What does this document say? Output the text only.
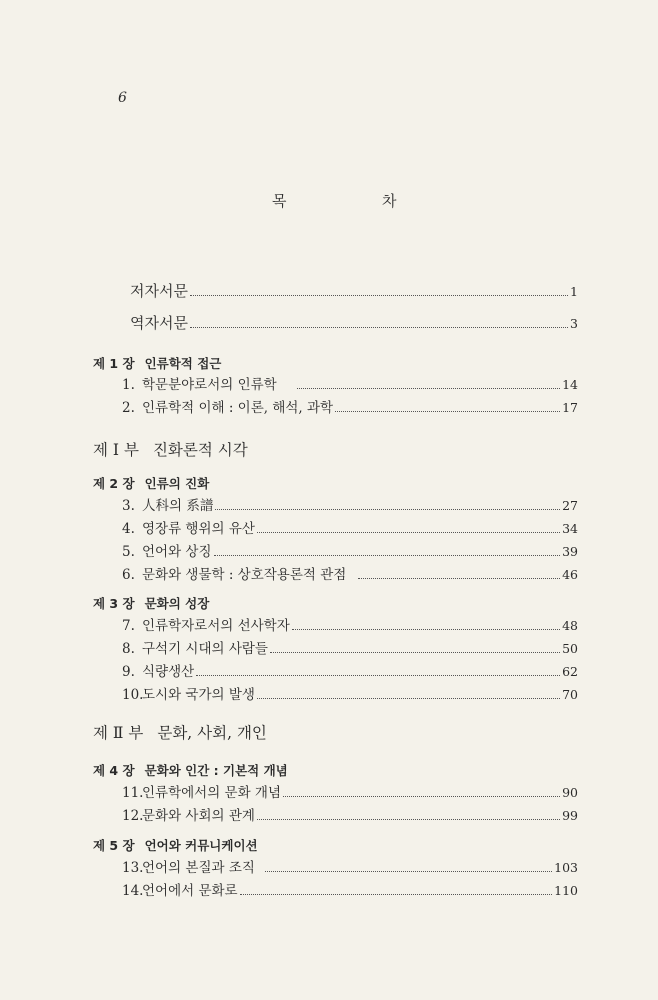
6
목	차
저자서문	1
역자서문	3
제 1 장 인류학적 접근
1. 학문분야로서의 인류학	14
2. 인류학적 이해 : 이론, 해석, 과학	17
제 Ⅰ 부 진화론적 시각
제 2 장 인류의 진화
3. 人科의 系譜	27
4. 영장류 행위의 유산	34
5. 언어와 상징	39
6. 문화와 생물학 : 상호작용론적 관점	46
제 3 장 문화의 성장
7. 인류학자로서의 선사학자	48
8. 구석기 시대의 사람들	50
9. 식량생산	62
10.도시와 국가의 발생	70
제 Ⅱ 부 문화, 사회, 개인
제 4 장 문화와 인간 : 기본적 개념
11.인류학에서의 문화 개념	90
12.문화와 사회의 관계	99
제 5 장 언어와 커뮤니케이션
13.언어의 본질과 조직	103
14.언어에서 문화로	110
